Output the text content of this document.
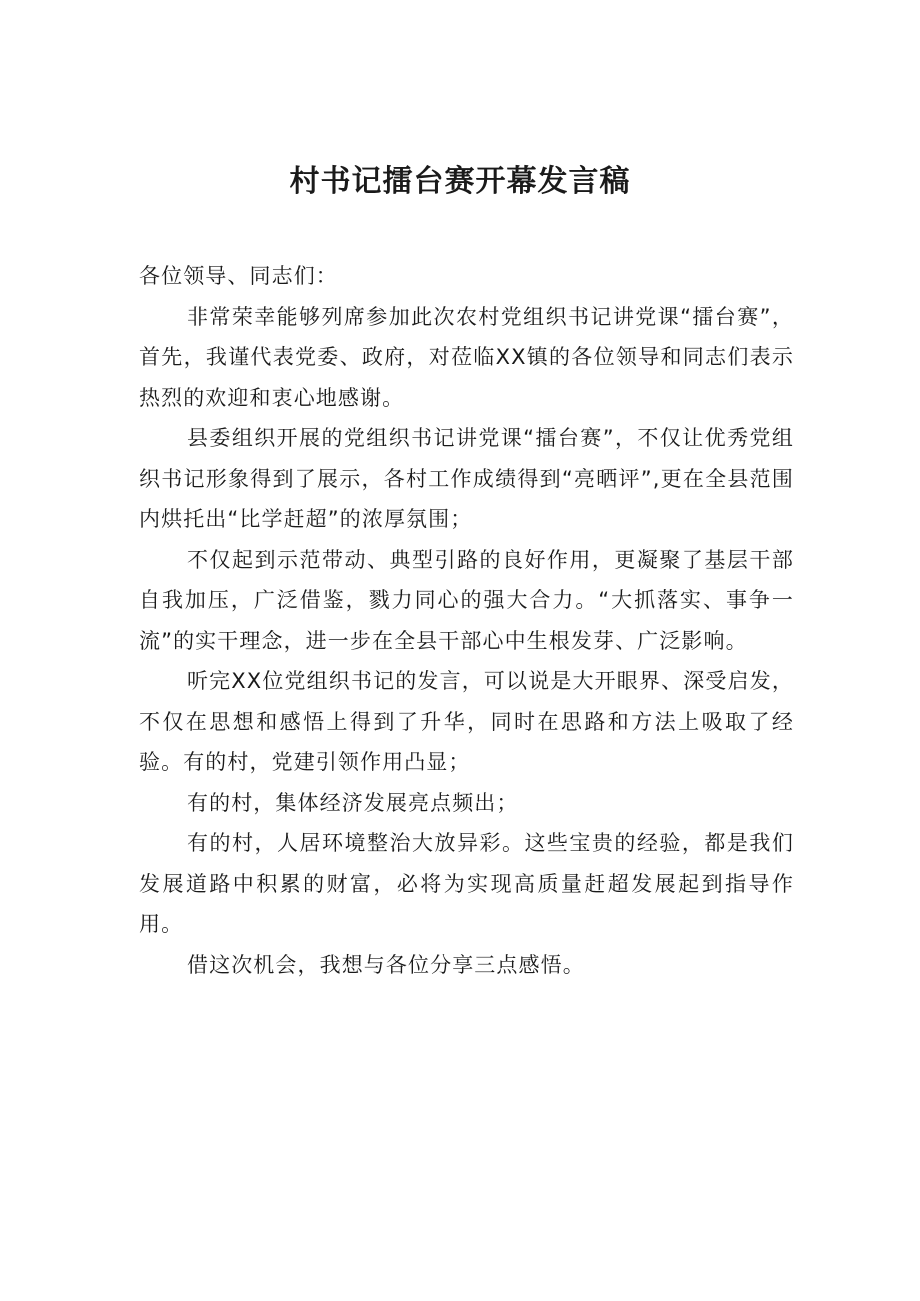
村书记擂台赛开幕发言稿

各位领导、同志们：

非常荣幸能够列席参加此次农村党组织书记讲党课“擂台赛”，首先，我谨代表党委、政府，对莅临XX镇的各位领导和同志们表示热烈的欢迎和衷心地感谢。

县委组织开展的党组织书记讲党课“擂台赛”，不仅让优秀党组织书记形象得到了展示，各村工作成绩得到“亮晒评”,更在全县范围内烘托出“比学赶超”的浓厚氛围；

不仅起到示范带动、典型引路的良好作用，更凝聚了基层干部自我加压，广泛借鉴，戮力同心的强大合力。“大抓落实、事争一流”的实干理念，进一步在全县干部心中生根发芽、广泛影响。

听完XX位党组织书记的发言，可以说是大开眼界、深受启发，不仅在思想和感悟上得到了升华，同时在思路和方法上吸取了经验。有的村，党建引领作用凸显；

有的村，集体经济发展亮点频出；

有的村，人居环境整治大放异彩。这些宝贵的经验，都是我们发展道路中积累的财富，必将为实现高质量赶超发展起到指导作用。

借这次机会，我想与各位分享三点感悟。
